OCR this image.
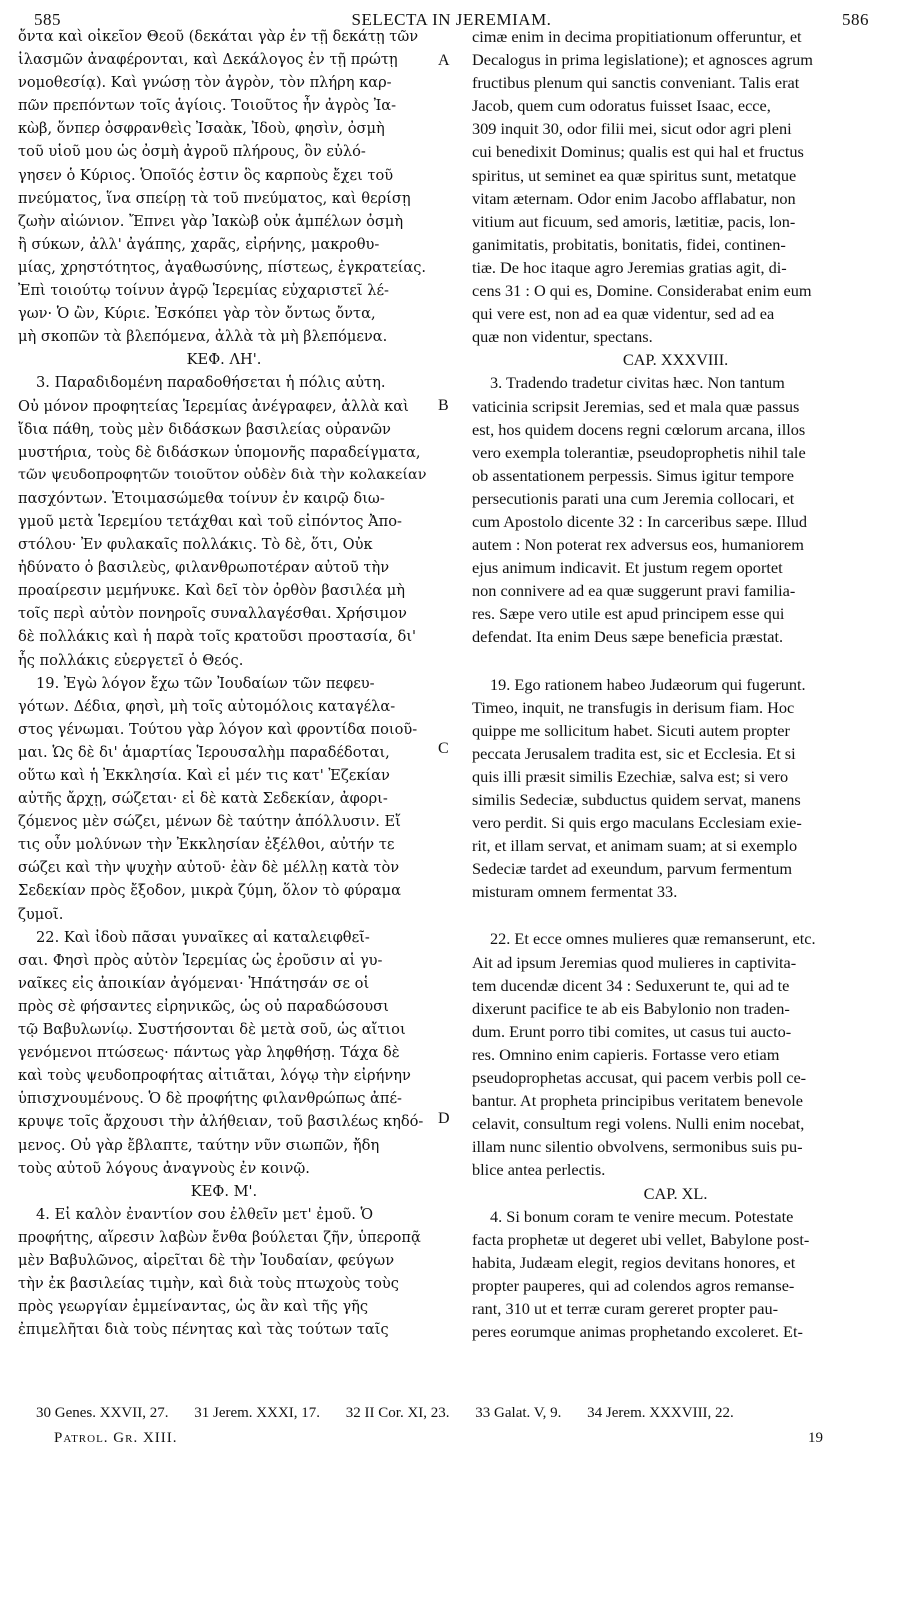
585	SELECTA IN JEREMIAM.	586
ὄντα καὶ οἰκεῖον Θεοῦ (δεκάται γὰρ ἐν τῇ δεκάτῃ τῶν
ἱλασμῶν ἀναφέρονται, καὶ Δεκάλογος ἐν τῇ πρώτῃ
νομοθεσίᾳ). Καὶ γνώσῃ τὸν ἀγρὸν, τὸν πλήρη καρ-
πῶν πρεπόντων τοῖς ἁγίοις. Τοιοῦτος ἦν ἀγρὸς Ἰα-
κὼβ, ὅνπερ ὀσφρανθεὶς Ἰσαὰκ, Ἰδοὺ, φησὶν, ὀσμὴ
τοῦ υἱοῦ μου ὡς ὀσμὴ ἀγροῦ πλήρους, ὃν εὐλό-
γησεν ὁ Κύριος. Ὁποῖός ἐστιν ὃς καρποὺς ἔχει τοῦ
πνεύματος, ἵνα σπείρῃ τὰ τοῦ πνεύματος, καὶ θερίσῃ
ζωὴν αἰώνιον. Ἔπνει γὰρ Ἰακὼβ οὐκ ἀμπέλων ὀσμὴ
ἢ σύκων, ἀλλ' ἀγάπης, χαρᾶς, εἰρήνης, μακροθυ-
μίας, χρηστότητος, ἀγαθωσύνης, πίστεως, ἐγκρατείας.
Ἐπὶ τοιούτῳ τοίνυν ἀγρῷ Ἱερεμίας εὐχαριστεῖ λέ-
γων· Ὁ ὢν, Κύριε. Ἐσκόπει γὰρ τὸν ὄντως ὄντα,
μὴ σκοπῶν τὰ βλεπόμενα, ἀλλὰ τὰ μὴ βλεπόμενα.
ΚΕΦ. ΛΗ'.
3. Παραδιδομένη παραδοθήσεται ἡ πόλις αὐτη.
Οὐ μόνον προφητείας Ἱερεμίας ἀνέγραφεν, ἀλλὰ καὶ
ἴδια πάθη, τοὺς μὲν διδάσκων βασιλείας οὐρανῶν
μυστήρια, τοὺς δὲ διδάσκων ὑπομονῆς παραδείγματα,
τῶν ψευδοπροφητῶν τοιοῦτον οὐδὲν διὰ τὴν κολακείαν
πασχόντων. Ἑτοιμασώμεθα τοίνυν ἐν καιρῷ διω-
γμοῦ μετὰ Ἱερεμίου τετάχθαι καὶ τοῦ εἰπόντος Ἀπο-
στόλου· Ἐν φυλακαῖς πολλάκις. Τὸ δὲ, ὅτι, Οὐκ
ἠδύνατο ὁ βασιλεὺς, φιλανθρωποτέραν αὐτοῦ τὴν
προαίρεσιν μεμήνυκε. Καὶ δεῖ τὸν ὀρθὸν βασιλέα μὴ
τοῖς περὶ αὐτὸν πονηροῖς συναλλαγέσθαι. Χρήσιμον
δὲ πολλάκις καὶ ἡ παρὰ τοῖς κρατοῦσι προστασία, δι'
ἧς πολλάκις εὐεργετεῖ ὁ Θεός.
19. Ἐγὼ λόγον ἔχω τῶν Ἰουδαίων τῶν πεφευ-
γότων. Δέδια, φησὶ, μὴ τοῖς αὐτομόλοις καταγέλα-
στος γένωμαι. Τούτου γὰρ λόγον καὶ φροντίδα ποιοῦ-
μαι. Ὡς δὲ δι' ἁμαρτίας Ἱερουσαλὴμ παραδέδοται,
οὕτω καὶ ἡ Ἐκκλησία. Καὶ εἰ μέν τις κατ' Ἐζεκίαν
αὐτῆς ἄρχῃ, σώζεται· εἰ δὲ κατὰ Σεδεκίαν, ἀφορι-
ζόμενος μὲν σώζει, μένων δὲ ταύτην ἀπόλλυσιν. Εἴ
τις οὖν μολύνων τὴν Ἐκκλησίαν ἐξέλθοι, αὐτήν τε
σώζει καὶ τὴν ψυχὴν αὐτοῦ· ἐὰν δὲ μέλλῃ κατὰ τὸν
Σεδεκίαν πρὸς ἔξοδον, μικρὰ ζύμη, ὅλον τὸ φύραμα
ζυμοῖ.
22. Καὶ ἰδοὺ πᾶσαι γυναῖκες αἱ καταλειφθεῖ-
σαι. Φησὶ πρὸς αὐτὸν Ἱερεμίας ὡς ἐροῦσιν αἱ γυ-
ναῖκες εἰς ἀποικίαν ἀγόμεναι· Ἠπάτησάν σε οἱ
πρὸς σὲ φήσαντες εἰρηνικῶς, ὡς οὐ παραδώσουσι
τῷ Βαβυλωνίῳ. Συστήσονται δὲ μετὰ σοῦ, ὡς αἴτιοι
γενόμενοι πτώσεως· πάντως γὰρ ληφθήσῃ. Τάχα δὲ
καὶ τοὺς ψευδοπροφήτας αἰτιᾶται, λόγῳ τὴν εἰρήνην
ὑπισχνουμένους. Ὁ δὲ προφήτης φιλανθρώπως ἀπέ-
κρυψε τοῖς ἄρχουσι τὴν ἀλήθειαν, τοῦ βασιλέως κηδό-
μενος. Οὐ γὰρ ἔβλαπτε, ταύτην νῦν σιωπῶν, ἤδη
τοὺς αὐτοῦ λόγους ἀναγνοὺς ἐν κοινῷ.
ΚΕΦ. Μ'.
4. Εἰ καλὸν ἐναντίον σου ἐλθεῖν μετ' ἐμοῦ. Ὁ
προφήτης, αἵρεσιν λαβὼν ἔνθα βούλεται ζῆν, ὑπεροπᾷ
μὲν Βαβυλῶνος, αἱρεῖται δὲ τὴν Ἰουδαίαν, φεύγων
τὴν ἐκ βασιλείας τιμὴν, καὶ διὰ τοὺς πτωχοὺς τοὺς
πρὸς γεωργίαν ἐμμείναντας, ὡς ἂν καὶ τῆς γῆς
ἐπιμελῆται διὰ τοὺς πένητας καὶ τὰς τούτων ταῖς
cimæ enim in decima propitiationum offeruntur, et
Decalogus in prima legislatione); et agnosces agrum
fructibus plenum qui sanctis conveniant. Talis erat
Jacob, quem cum odoratus fuisset Isaac, ecce,
309 inquit 30, odor filii mei, sicut odor agri pleni
cui benedixit Dominus; qualis est qui hal et fructus
spiritus, ut seminet ea quæ spiritus sunt, metatque
vitam æternam. Odor enim Jacobo afflabatur, non
vitium aut ficuum, sed amoris, lætitiæ, pacis, lon-
ganimitatis, probitatis, bonitatis, fidei, continen-
tiæ. De hoc itaque agro Jeremias gratias agit, di-
cens 31 : O qui es, Domine. Considerabat enim eum
qui vere est, non ad ea quæ videntur, sed ad ea
quæ non videntur, spectans.
CAP. XXXVIII.
3. Tradendo tradetur civitas hæc. Non tantum
vaticinia scripsit Jeremias, sed et mala quæ passus
est, hos quidem docens regni cœlorum arcana, illos
vero exempla tolerantiæ, pseudoprophetis nihil tale
ob assentationem perpessis. Simus igitur tempore
persecutionis parati una cum Jeremia collocari, et
cum Apostolo dicente 32 : In carceribus sæpe. Illud
autem : Non poterat rex adversus eos, humaniorem
ejus animum indicavit. Et justum regem oportet
non connivere ad ea quæ suggerunt pravi familia-
res. Sæpe vero utile est apud principem esse qui
defendat. Ita enim Deus sæpe beneficia præstat.
19. Ego rationem habeo Judæorum qui fugerunt.
Timeo, inquit, ne transfugis in derisum fiam. Hoc
quippe me sollicitum habet. Sicuti autem propter
peccata Jerusalem tradita est, sic et Ecclesia. Et si
quis illi præsit similis Ezechiæ, salva est; si vero
similis Sedeciæ, subductus quidem servat, manens
vero perdit. Si quis ergo maculans Ecclesiam exie-
rit, et illam servat, et animam suam; at si exemplo
Sedeciæ tardet ad exeundum, parvum fermentum
misturam omnem fermentat 33.
22. Et ecce omnes mulieres quæ remanserunt, etc.
Ait ad ipsum Jeremias quod mulieres in captivita-
tem ducendæ dicent 34 : Seduxerunt te, qui ad te
dixerunt pacifice te ab eis Babylonio non traden-
dum. Erunt porro tibi comites, ut casus tui aucto-
res. Omnino enim capieris. Fortasse vero etiam
pseudoprophetas accusat, qui pacem verbis poll ce-
bantur. At propheta principibus veritatem benevole
celavit, consultum regi volens. Nulli enim nocebat,
illam nunc silentio obvolvens, sermonibus suis pu-
blice antea perlectis.
CAP. XL.
4. Si bonum coram te venire mecum. Potestate
facta prophetæ ut degeret ubi vellet, Babylone post-
habita, Judæam elegit, regios devitans honores, et
propter pauperes, qui ad colendos agros remanse-
rant, 310 ut et terræ curam gereret propter pau-
peres eorumque animas prophetando excoleret. Et-
A
B
C
D
30 Genes. XXVII, 27. 31 Jerem. XXXI, 17. 32 II Cor. XI, 23. 33 Galat. V, 9. 34 Jerem. XXXVIII, 22.
Patrol. Gr. XIII.	19
